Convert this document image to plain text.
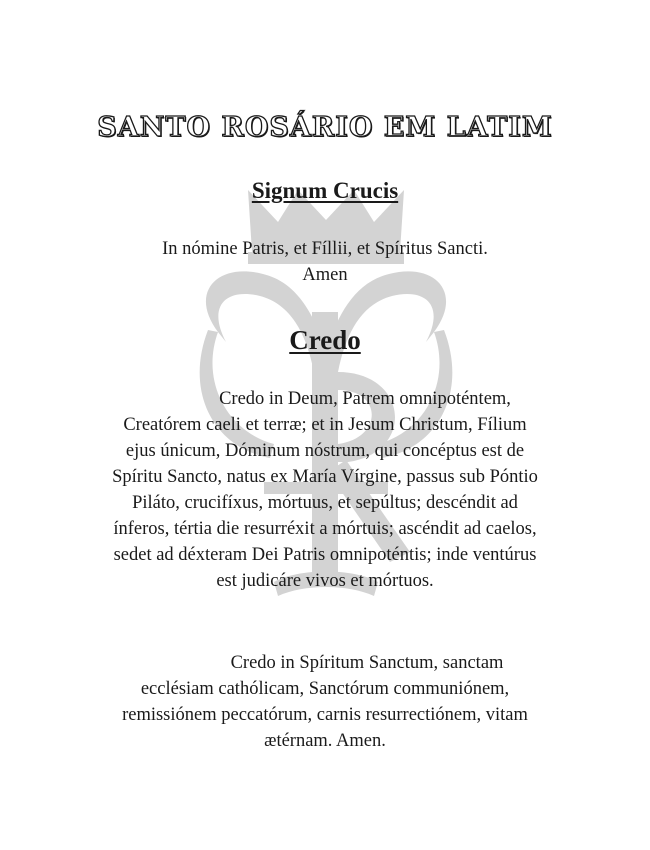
SANTO ROSÁRIO EM LATIM
Signum Crucis

In nómine Patris, et Fíllii, et Spíritus Sancti. Amen

Credo

Credo in Deum, Patrem omnipoténtem, Creatórem caeli et terræ; et in Jesum Christum, Fílium ejus únicum, Dóminum nóstrum, qui concéptus est de Spíritu Sancto, natus ex María Vírgine, passus sub Póntio Piláto, crucifíxus, mórtuus, et sepúltus; descéndit ad ínferos, tértia die resurréxit a mórtuis; ascéndit ad caelos, sedet ad déxteram Dei Patris omnipoténtis; inde ventúrus est judicáre vivos et mórtuos.

Credo in Spíritum Sanctum, sanctam ecclésiam cathólicam, Sanctórum communiónem, remissiónem peccatórum, carnis resurrectiónem, vitam ætérnam. Amen.
